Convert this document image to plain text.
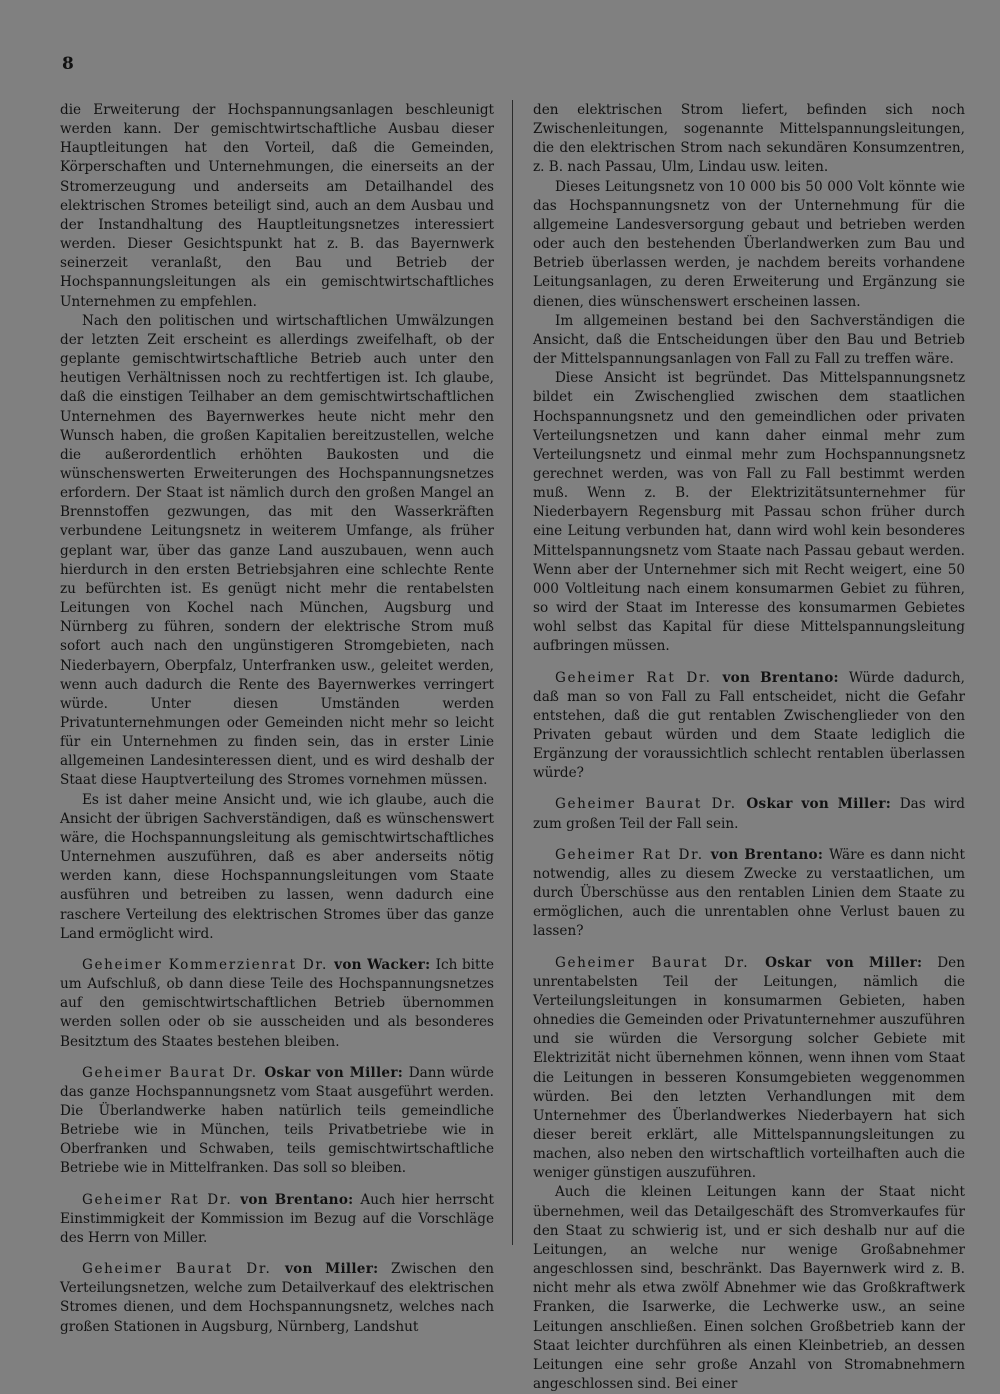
8

die Erweiterung der Hochspannungsanlagen beschleunigt werden kann. Der gemischtwirtschaftliche Ausbau dieser Hauptleitungen hat den Vorteil, daß die Gemeinden, Körperschaften und Unternehmungen, die einerseits an der Stromerzeugung und anderseits am Detailhandel des elektrischen Stromes beteiligt sind, auch an dem Ausbau und der Instandhaltung des Hauptleitungsnetzes interessiert werden. Dieser Gesichtspunkt hat z. B. das Bayernwerk seinerzeit veranlaßt, den Bau und Betrieb der Hochspannungsleitungen als ein gemischtwirtschaftliches Unternehmen zu empfehlen.

Nach den politischen und wirtschaftlichen Umwälzungen der letzten Zeit erscheint es allerdings zweifelhaft, ob der geplante gemischtwirtschaftliche Betrieb auch unter den heutigen Verhältnissen noch zu rechtfertigen ist. Ich glaube, daß die einstigen Teilhaber an dem gemischtwirtschaftlichen Unternehmen des Bayernwerkes heute nicht mehr den Wunsch haben, die großen Kapitalien bereitzustellen, welche die außerordentlich erhöhten Baukosten und die wünschenswerten Erweiterungen des Hochspannungsnetzes erfordern. Der Staat ist nämlich durch den großen Mangel an Brennstoffen gezwungen, das mit den Wasserkräften verbundene Leitungsnetz in weiterem Umfange, als früher geplant war, über das ganze Land auszubauen, wenn auch hierdurch in den ersten Betriebsjahren eine schlechte Rente zu befürchten ist. Es genügt nicht mehr die rentabelsten Leitungen von Kochel nach München, Augsburg und Nürnberg zu führen, sondern der elektrische Strom muß sofort auch nach den ungünstigeren Stromgebieten, nach Niederbayern, Oberpfalz, Unterfranken usw., geleitet werden, wenn auch dadurch die Rente des Bayernwerkes verringert würde. Unter diesen Umständen werden Privatunternehmungen oder Gemeinden nicht mehr so leicht für ein Unternehmen zu finden sein, das in erster Linie allgemeinen Landesinteressen dient, und es wird deshalb der Staat diese Hauptverteilung des Stromes vornehmen müssen.

Es ist daher meine Ansicht und, wie ich glaube, auch die Ansicht der übrigen Sachverständigen, daß es wünschenswert wäre, die Hochspannungsleitung als gemischtwirtschaftliches Unternehmen auszuführen, daß es aber anderseits nötig werden kann, diese Hochspannungsleitungen vom Staate ausführen und betreiben zu lassen, wenn dadurch eine raschere Verteilung des elektrischen Stromes über das ganze Land ermöglicht wird.

Geheimer Kommerzienrat Dr. von Wacker: Ich bitte um Aufschluß, ob dann diese Teile des Hochspannungsnetzes auf den gemischtwirtschaftlichen Betrieb übernommen werden sollen oder ob sie ausscheiden und als besonderes Besitztum des Staates bestehen bleiben.

Geheimer Baurat Dr. Oskar von Miller: Dann würde das ganze Hochspannungsnetz vom Staat ausgeführt werden. Die Überlandwerke haben natürlich teils gemeindliche Betriebe wie in München, teils Privatbetriebe wie in Oberfranken und Schwaben, teils gemischtwirtschaftliche Betriebe wie in Mittelfranken. Das soll so bleiben.

Geheimer Rat Dr. von Brentano: Auch hier herrscht Einstimmigkeit der Kommission im Bezug auf die Vorschläge des Herrn von Miller.

Geheimer Baurat Dr. von Miller: Zwischen den Verteilungsnetzen, welche zum Detailverkauf des elektrischen Stromes dienen, und dem Hochspannungsnetz, welches nach großen Stationen in Augsburg, Nürnberg, Landshut

den elektrischen Strom liefert, befinden sich noch Zwischenleitungen, sogenannte Mittelspannungsleitungen, die den elektrischen Strom nach sekundären Konsumzentren, z. B. nach Passau, Ulm, Lindau usw. leiten.

Dieses Leitungsnetz von 10 000 bis 50 000 Volt könnte wie das Hochspannungsnetz von der Unternehmung für die allgemeine Landesversorgung gebaut und betrieben werden oder auch den bestehenden Überlandwerken zum Bau und Betrieb überlassen werden, je nachdem bereits vorhandene Leitungsanlagen, zu deren Erweiterung und Ergänzung sie dienen, dies wünschenswert erscheinen lassen.

Im allgemeinen bestand bei den Sachverständigen die Ansicht, daß die Entscheidungen über den Bau und Betrieb der Mittelspannungsanlagen von Fall zu Fall zu treffen wäre.

Diese Ansicht ist begründet. Das Mittelspannungsnetz bildet ein Zwischenglied zwischen dem staatlichen Hochspannungsnetz und den gemeindlichen oder privaten Verteilungsnetzen und kann daher einmal mehr zum Verteilungsnetz und einmal mehr zum Hochspannungsnetz gerechnet werden, was von Fall zu Fall bestimmt werden muß. Wenn z. B. der Elektrizitätsunternehmer für Niederbayern Regensburg mit Passau schon früher durch eine Leitung verbunden hat, dann wird wohl kein besonderes Mittelspannungsnetz vom Staate nach Passau gebaut werden. Wenn aber der Unternehmer sich mit Recht weigert, eine 50 000 Voltleitung nach einem konsumarmen Gebiet zu führen, so wird der Staat im Interesse des konsumarmen Gebietes wohl selbst das Kapital für diese Mittelspannungsleitung aufbringen müssen.

Geheimer Rat Dr. von Brentano: Würde dadurch, daß man so von Fall zu Fall entscheidet, nicht die Gefahr entstehen, daß die gut rentablen Zwischenglieder von den Privaten gebaut würden und dem Staate lediglich die Ergänzung der voraussichtlich schlecht rentablen überlassen würde?

Geheimer Baurat Dr. Oskar von Miller: Das wird zum großen Teil der Fall sein.

Geheimer Rat Dr. von Brentano: Wäre es dann nicht notwendig, alles zu diesem Zwecke zu verstaatlichen, um durch Überschüsse aus den rentablen Linien dem Staate zu ermöglichen, auch die unrentablen ohne Verlust bauen zu lassen?

Geheimer Baurat Dr. Oskar von Miller: Den unrentabelsten Teil der Leitungen, nämlich die Verteilungsleitungen in konsumarmen Gebieten, haben ohnedies die Gemeinden oder Privatunternehmer auszuführen und sie würden die Versorgung solcher Gebiete mit Elektrizität nicht übernehmen können, wenn ihnen vom Staat die Leitungen in besseren Konsumgebieten weggenommen würden. Bei den letzten Verhandlungen mit dem Unternehmer des Überlandwerkes Niederbayern hat sich dieser bereit erklärt, alle Mittelspannungsleitungen zu machen, also neben den wirtschaftlich vorteilhaften auch die weniger günstigen auszuführen.

Auch die kleinen Leitungen kann der Staat nicht übernehmen, weil das Detailgeschäft des Stromverkaufes für den Staat zu schwierig ist, und er sich deshalb nur auf die Leitungen, an welche nur wenige Großabnehmer angeschlossen sind, beschränkt. Das Bayernwerk wird z. B. nicht mehr als etwa zwölf Abnehmer wie das Großkraftwerk Franken, die Isarwerke, die Lechwerke usw., an seine Leitungen anschließen. Einen solchen Großbetrieb kann der Staat leichter durchführen als einen Kleinbetrieb, an dessen Leitungen eine sehr große Anzahl von Stromabnehmern angeschlossen sind. Bei einer
